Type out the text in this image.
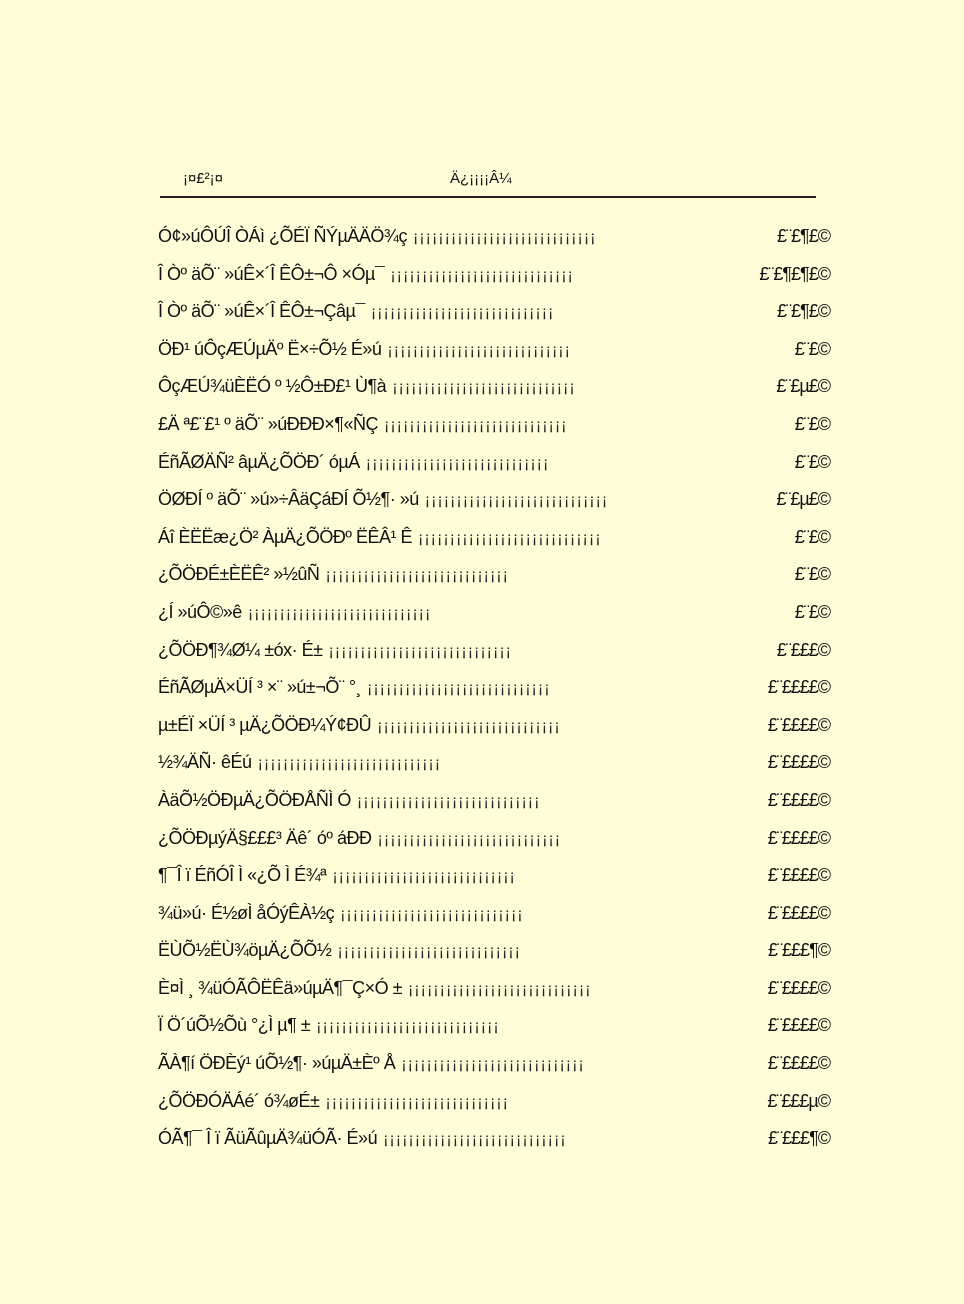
¡¤£²¡¤	Ä¿¡¡¡¡Â¼
Ó¢»úÔÚÎ ÒÁì ¿ÕÉÏ ÑÝµÄÄÖ¾ç ¡¡¡¡¡¡¡¡¡¡¡¡¡¡¡¡¡¡¡¡¡¡¡¡¡¡¡¡¡	£¨£¶£©
Î Òº äÕ¨ »úÊ×´Î ÊÔ±¬Ô ×Óµ¯ ¡¡¡¡¡¡¡¡¡¡¡¡¡¡¡¡¡¡¡¡¡¡¡¡¡¡¡¡¡	£¨£¶£¶£©
Î Òº äÕ¨ »úÊ×´Î ÊÔ±¬Çâµ¯ ¡¡¡¡¡¡¡¡¡¡¡¡¡¡¡¡¡¡¡¡¡¡¡¡¡¡¡¡¡	£¨£¶£©
ÖÐ¹ úÔçÆÚµÄº Ë×÷Õ½ É»ú ¡¡¡¡¡¡¡¡¡¡¡¡¡¡¡¡¡¡¡¡¡¡¡¡¡¡¡¡¡	£¨£©
ÔçÆÚ¾üÈËÓ º ½Ô±Ð£¹ Ù¶à ¡¡¡¡¡¡¡¡¡¡¡¡¡¡¡¡¡¡¡¡¡¡¡¡¡¡¡¡¡	£¨£µ£©
£Ä ª£¨£¹ º äÕ¨ »úÐÐÐ×¶«ÑÇ ¡¡¡¡¡¡¡¡¡¡¡¡¡¡¡¡¡¡¡¡¡¡¡¡¡¡¡¡¡	£¨£©
ÉñÃØÄÑ² âµÄ¿ÕÖÐ´ óµÁ ¡¡¡¡¡¡¡¡¡¡¡¡¡¡¡¡¡¡¡¡¡¡¡¡¡¡¡¡¡	£¨£©
ÖØÐÍ º äÕ¨ »ú»÷ÂäÇáÐÍ Õ½¶· »ú ¡¡¡¡¡¡¡¡¡¡¡¡¡¡¡¡¡¡¡¡¡¡¡¡¡¡¡¡¡	£¨£µ£©
Áî ÈËËæ¿Ö² ÀµÄ¿ÕÖÐº ËÊÂ¹ Ê ¡¡¡¡¡¡¡¡¡¡¡¡¡¡¡¡¡¡¡¡¡¡¡¡¡¡¡¡¡	£¨£©
¿ÕÖÐÉ±ÈËÊ² »½ûÑ ¡¡¡¡¡¡¡¡¡¡¡¡¡¡¡¡¡¡¡¡¡¡¡¡¡¡¡¡¡	£¨£©
¿Í »úÔ©»ê ¡¡¡¡¡¡¡¡¡¡¡¡¡¡¡¡¡¡¡¡¡¡¡¡¡¡¡¡¡	£¨£©
¿ÕÖÐ¶¾Ø¼ ±óx· É± ¡¡¡¡¡¡¡¡¡¡¡¡¡¡¡¡¡¡¡¡¡¡¡¡¡¡¡¡¡	£¨£££©
ÉñÃØµÄ×ÜÍ ³ ×¨ »ú±¬Õ¨ °¸ ¡¡¡¡¡¡¡¡¡¡¡¡¡¡¡¡¡¡¡¡¡¡¡¡¡¡¡¡¡	£¨££££©
µ±ÉÏ ×ÜÍ ³ µÄ¿ÕÖÐ¼Ý¢ÐÛ ¡¡¡¡¡¡¡¡¡¡¡¡¡¡¡¡¡¡¡¡¡¡¡¡¡¡¡¡¡	£¨££££©
½¾ÄÑ· êÉú ¡¡¡¡¡¡¡¡¡¡¡¡¡¡¡¡¡¡¡¡¡¡¡¡¡¡¡¡¡	£¨££££©
ÀäÕ½ÖÐµÄ¿ÕÖÐÅÑÌ Ó ¡¡¡¡¡¡¡¡¡¡¡¡¡¡¡¡¡¡¡¡¡¡¡¡¡¡¡¡¡	£¨££££©
¿ÕÖÐµýÄ§£££³ Äê´ óº áÐÐ ¡¡¡¡¡¡¡¡¡¡¡¡¡¡¡¡¡¡¡¡¡¡¡¡¡¡¡¡¡	£¨££££©
¶¯Î ï ÉñÓÎ Ì «¿Õ Ì É¾ª ¡¡¡¡¡¡¡¡¡¡¡¡¡¡¡¡¡¡¡¡¡¡¡¡¡¡¡¡¡	£¨££££©
¾ü»ú· É½øÌ åÓýÊÀ½ç ¡¡¡¡¡¡¡¡¡¡¡¡¡¡¡¡¡¡¡¡¡¡¡¡¡¡¡¡¡	£¨££££©
ËÙÕ½ËÙ¾öµÄ¿ÕÕ½ ¡¡¡¡¡¡¡¡¡¡¡¡¡¡¡¡¡¡¡¡¡¡¡¡¡¡¡¡¡	£¨£££¶©
È¤Ì ¸ ¾üÓÃÔËÊä»úµÄ¶¯Ç×Ó ± ¡¡¡¡¡¡¡¡¡¡¡¡¡¡¡¡¡¡¡¡¡¡¡¡¡¡¡¡¡	£¨££££©
Ï Ö´úÕ½Õù °¿Ì µ¶ ± ¡¡¡¡¡¡¡¡¡¡¡¡¡¡¡¡¡¡¡¡¡¡¡¡¡¡¡¡¡	£¨££££©
ÃÀ¶í ÖÐÈý¹ úÕ½¶· »úµÄ±Èº Å ¡¡¡¡¡¡¡¡¡¡¡¡¡¡¡¡¡¡¡¡¡¡¡¡¡¡¡¡¡	£¨££££©
¿ÕÖÐÓÄÁé´ ó¾øÉ± ¡¡¡¡¡¡¡¡¡¡¡¡¡¡¡¡¡¡¡¡¡¡¡¡¡¡¡¡¡	£¨£££µ©
ÓÃ¶¯ Î ï ÃüÃûµÄ¾üÓÃ· É»ú ¡¡¡¡¡¡¡¡¡¡¡¡¡¡¡¡¡¡¡¡¡¡¡¡¡¡¡¡¡	£¨£££¶©
